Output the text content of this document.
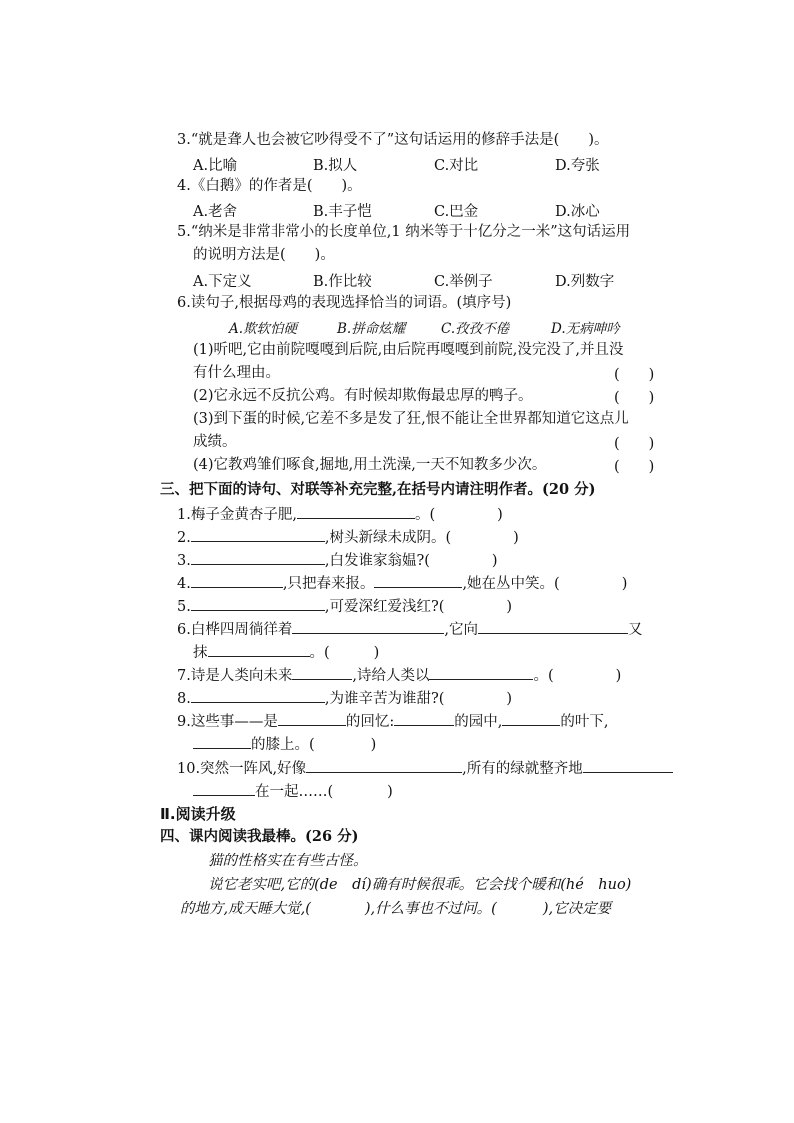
3.“就是聋人也会被它吵得受不了”这句话运用的修辞手法是(　　)。
A.比喻	B.拟人	C.对比	D.夸张
4.《白鹅》的作者是(　　)。
A.老舍	B.丰子恺	C.巴金	D.冰心
5.“纳米是非常非常小的长度单位,1 纳米等于十亿分之一米”这句话运用
的说明方法是(　　)。
A.下定义	B.作比较	C.举例子	D.列数字
6.读句子,根据母鸡的表现选择恰当的词语。(填序号)
A.欺软怕硬	B.拼命炫耀	C.孜孜不倦	D.无病呻吟
(1)听吧,它由前院嘎嘎到后院,由后院再嘎嘎到前院,没完没了,并且没
有什么理由。	(　　)
(2)它永远不反抗公鸡。有时候却欺侮最忠厚的鸭子。	(　　)
(3)到下蛋的时候,它差不多是发了狂,恨不能让全世界都知道它这点儿
成绩。	(　　)
(4)它教鸡雏们啄食,掘地,用土洗澡,一天不知教多少次。	(　　)
三、把下面的诗句、对联等补充完整,在括号内请注明作者。(20 分)
1.梅子金黄杏子肥,	。(	)
2.	,树头新绿未成阴。(	)
3.	,白发谁家翁媪?(	)
4.	,只把春来报。	,她在丛中笑。(	)
5.	,可爱深红爱浅红?(	)
6.白桦四周徜徉着	,它向	又
抹	。(	)
7.诗是人类向未来	,诗给人类以	。(	)
8.	,为谁辛苦为谁甜?(	)
9.这些事——是	的回忆:	的园中,	的叶下,
的膝上。(	)
10.突然一阵风,好像	,所有的绿就整齐地
在一起……(	)
Ⅱ.阅读升级
四、课内阅读我最棒。(26 分)
猫的性格实在有些古怪。
说它老实吧,它的(de　dí)确有时候很乖。它会找个暖和(hé　huo)
的地方,成天睡大觉,(	),什么事也不过问。(	),它决定要
